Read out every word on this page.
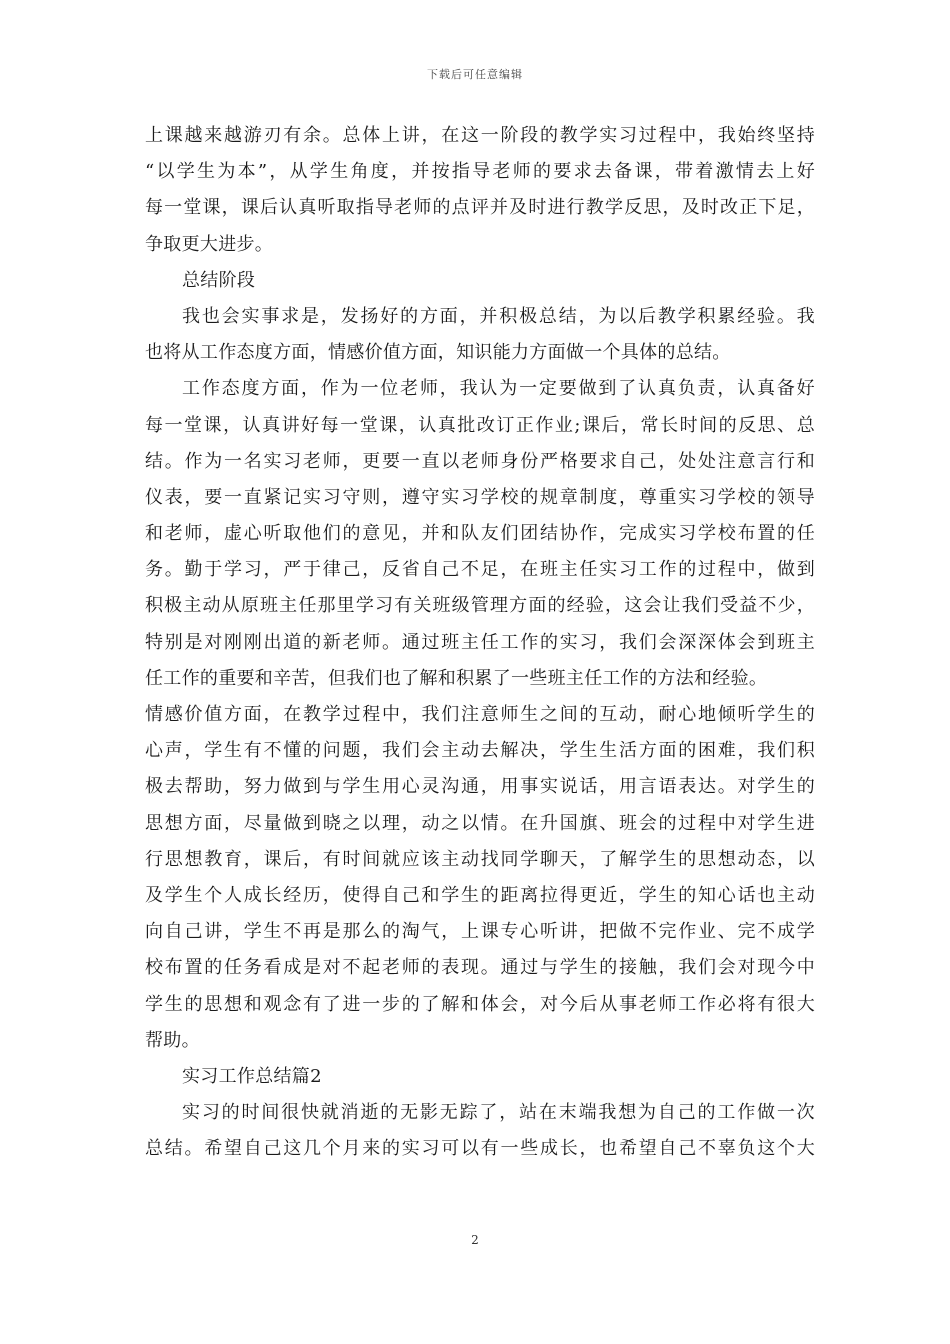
下载后可任意编辑
上课越来越游刃有余。总体上讲，在这一阶段的教学实习过程中，我始终坚持
“以学生为本”，从学生角度，并按指导老师的要求去备课，带着激情去上好
每一堂课，课后认真听取指导老师的点评并及时进行教学反思，及时改正下足，
争取更大进步。
总结阶段
我也会实事求是，发扬好的方面，并积极总结，为以后教学积累经验。我
也将从工作态度方面，情感价值方面，知识能力方面做一个具体的总结。
工作态度方面，作为一位老师，我认为一定要做到了认真负责，认真备好
每一堂课，认真讲好每一堂课，认真批改订正作业;课后，常长时间的反思、总
结。作为一名实习老师，更要一直以老师身份严格要求自己，处处注意言行和
仪表，要一直紧记实习守则，遵守实习学校的规章制度，尊重实习学校的领导
和老师，虚心听取他们的意见，并和队友们团结协作，完成实习学校布置的任
务。勤于学习，严于律己，反省自己不足，在班主任实习工作的过程中，做到
积极主动从原班主任那里学习有关班级管理方面的经验，这会让我们受益不少，
特别是对刚刚出道的新老师。通过班主任工作的实习，我们会深深体会到班主
任工作的重要和辛苦，但我们也了解和积累了一些班主任工作的方法和经验。
情感价值方面，在教学过程中，我们注意师生之间的互动，耐心地倾听学生的
心声，学生有不懂的问题，我们会主动去解决，学生生活方面的困难，我们积
极去帮助，努力做到与学生用心灵沟通，用事实说话，用言语表达。对学生的
思想方面，尽量做到晓之以理，动之以情。在升国旗、班会的过程中对学生进
行思想教育，课后，有时间就应该主动找同学聊天，了解学生的思想动态，以
及学生个人成长经历，使得自己和学生的距离拉得更近，学生的知心话也主动
向自己讲，学生不再是那么的淘气，上课专心听讲，把做不完作业、完不成学
校布置的任务看成是对不起老师的表现。通过与学生的接触，我们会对现今中
学生的思想和观念有了进一步的了解和体会，对今后从事老师工作必将有很大
帮助。
实习工作总结篇2
实习的时间很快就消逝的无影无踪了，站在末端我想为自己的工作做一次
总结。希望自己这几个月来的实习可以有一些成长，也希望自己不辜负这个大
2
